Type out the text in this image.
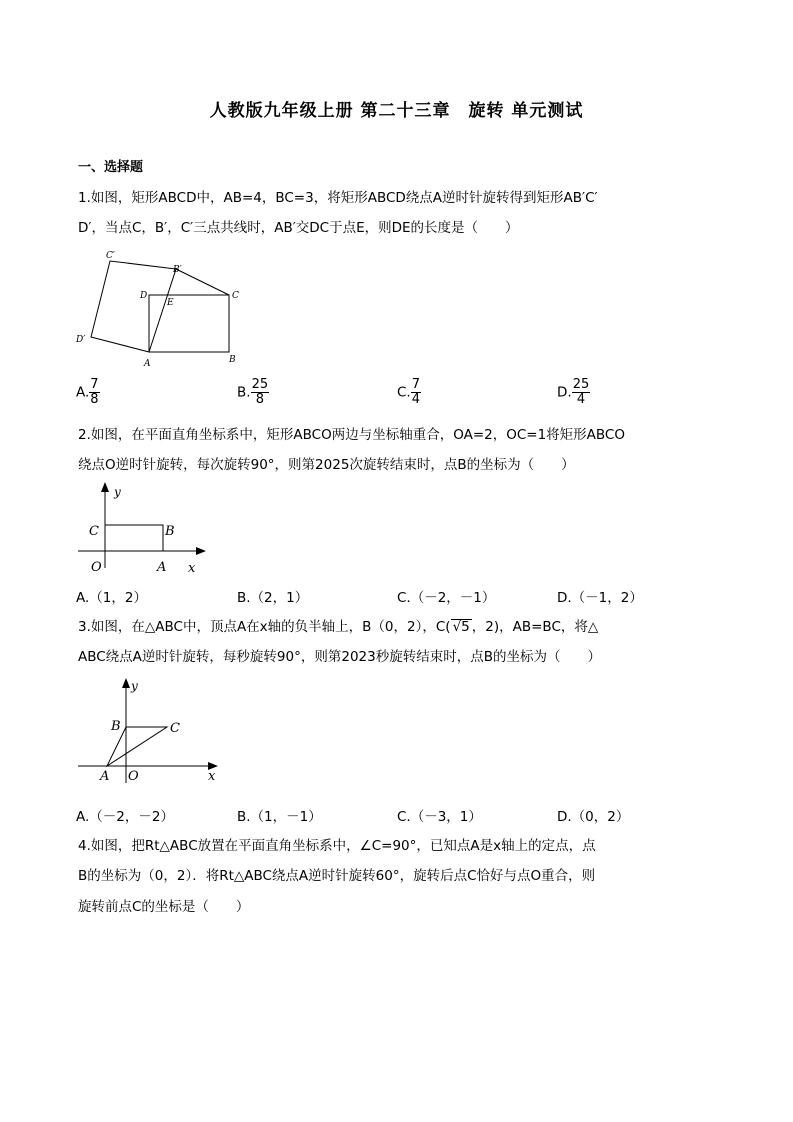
人教版九年级上册 第二十三章　旋转 单元测试
一、选择题
1.如图，矩形ABCD中，AB=4，BC=3，将矩形ABCD绕点A逆时针旋转得到矩形AB′C′
D′，当点C，B′，C′三点共线时，AB′交DC于点E，则DE的长度是（　　）
C′
B′
D
E
C
D′
A	B
A. $\frac{7}{8}$	B. $\frac{25}{8}$	C. $\frac{7}{4}$	D. $\frac{25}{4}$
2.如图，在平面直角坐标系中，矩形ABCO两边与坐标轴重合，OA=2，OC=1将矩形ABCO
绕点O逆时针旋转，每次旋转90°，则第2025次旋转结束时，点B的坐标为（　　）
y
C	B
O	A x
A.（1，2）	B.（2，1）	C.（－2，－1）	D.（－1，2）
3.如图，在△ABC中，顶点A在x轴的负半轴上，B（0，2），C( √5 ，2)，AB=BC，将△
ABC绕点A逆时针旋转，每秒旋转90°，则第2023秒旋转结束时，点B的坐标为（　　）
y
B	C
A O	x
A.（－2，－2）	B.（1，－1）	C.（－3，1）	D.（0，2）
4.如图，把Rt△ABC放置在平面直角坐标系中，∠C=90°，已知点A是x轴上的定点，点
B的坐标为（0，2）．将Rt△ABC绕点A逆时针旋转60°，旋转后点C恰好与点O重合，则
旋转前点C的坐标是（　　）
